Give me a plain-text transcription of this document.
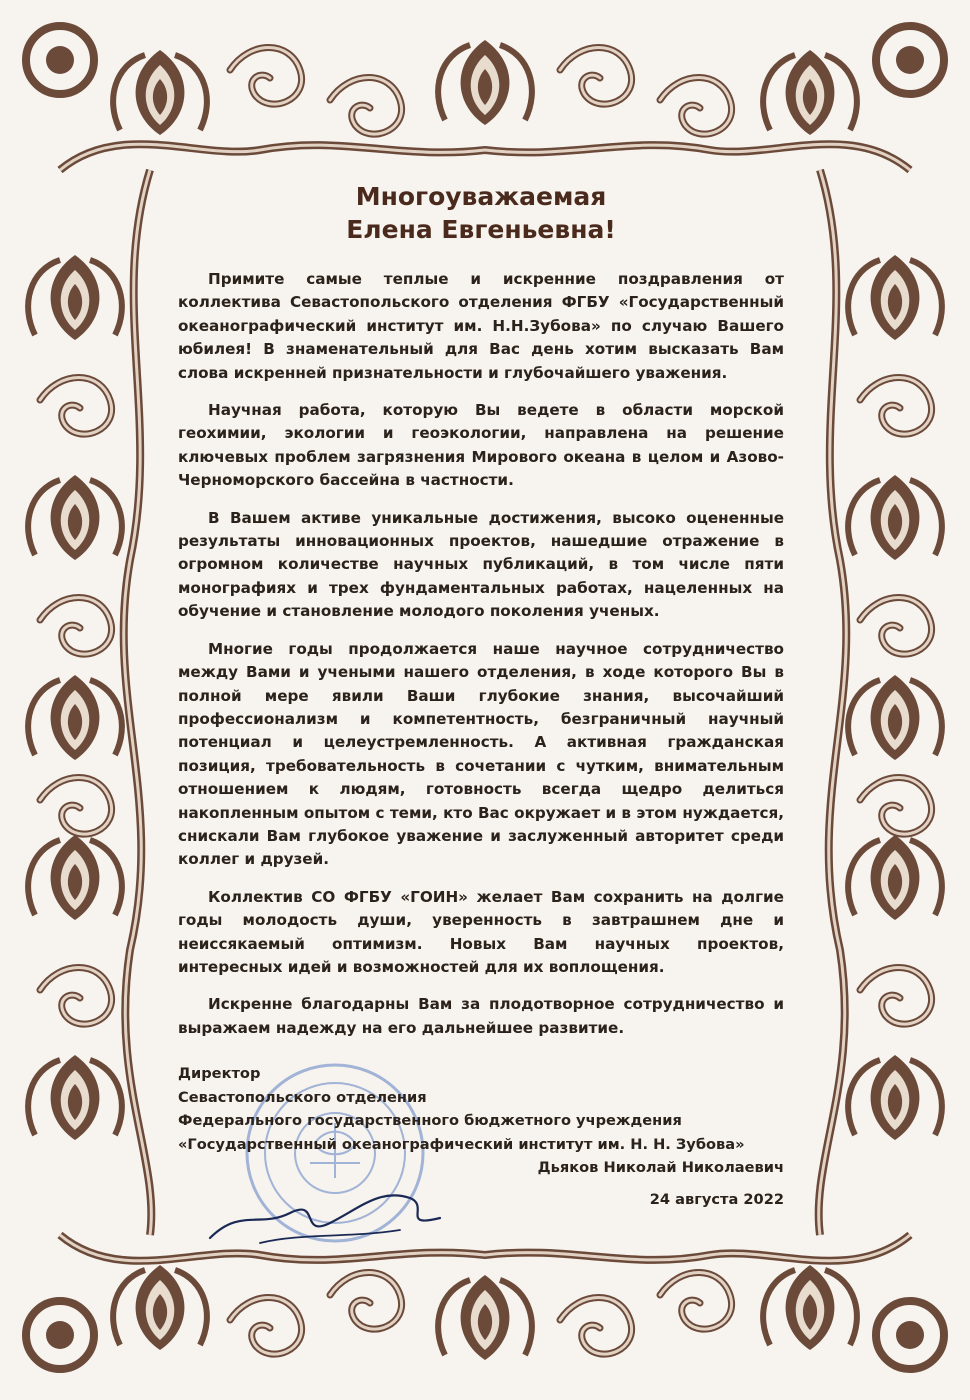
Многоуважаемая
Елена Евгеньевна!

Примите самые теплые и искренние поздравления от коллектива Севастопольского отделения ФГБУ «Государственный океанографический институт им. Н.Н.Зубова» по случаю Вашего юбилея! В знаменательный для Вас день хотим высказать Вам слова искренней признательности и глубочайшего уважения.

Научная работа, которую Вы ведете в области морской геохимии, экологии и геоэкологии, направлена на решение ключевых проблем загрязнения Мирового океана в целом и Азово-Черноморского бассейна в частности.

В Вашем активе уникальные достижения, высоко оцененные результаты инновационных проектов, нашедшие отражение в огромном количестве научных публикаций, в том числе пяти монографиях и трех фундаментальных работах, нацеленных на обучение и становление молодого поколения ученых.

Многие годы продолжается наше научное сотрудничество между Вами и учеными нашего отделения, в ходе которого Вы в полной мере явили Ваши глубокие знания, высочайший профессионализм и компетентность, безграничный научный потенциал и целеустремленность. А активная гражданская позиция, требовательность в сочетании с чутким, внимательным отношением к людям, готовность всегда щедро делиться накопленным опытом с теми, кто Вас окружает и в этом нуждается, снискали Вам глубокое уважение и заслуженный авторитет среди коллег и друзей.

Коллектив СО ФГБУ «ГОИН» желает Вам сохранить на долгие годы молодость души, уверенность в завтрашнем дне и неиссякаемый оптимизм. Новых Вам научных проектов, интересных идей и возможностей для их воплощения.

Искренне благодарны Вам за плодотворное сотрудничество и выражаем надежду на его дальнейшее развитие.

Директор
Севастопольского отделения
Федерального государственного бюджетного учреждения
«Государственный океанографический институт им. Н. Н. Зубова»
Дьяков Николай Николаевич
24 августа 2022
